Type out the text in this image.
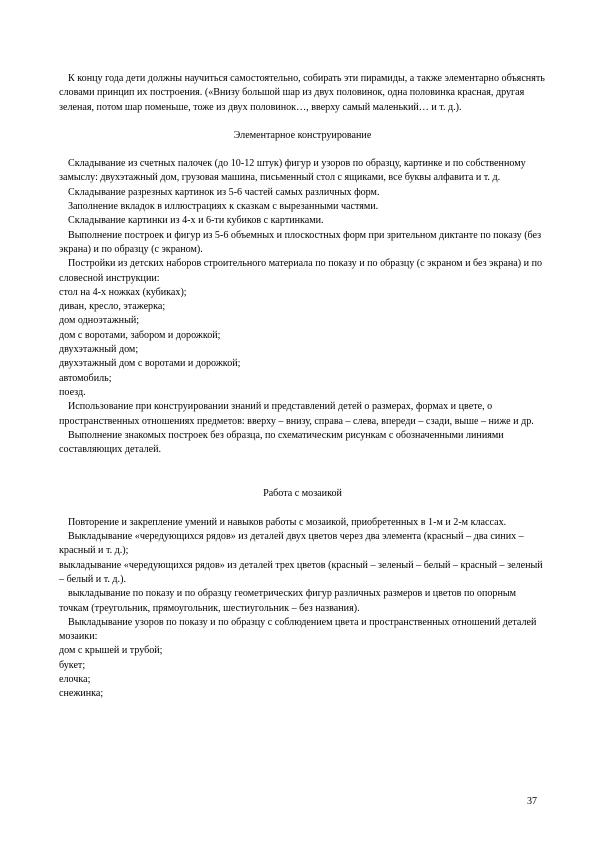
К концу года дети должны научиться самостоятельно, собирать эти пирамиды, а также элементарно объяснять словами принцип их построения. («Внизу большой шар из двух половинок, одна половинка красная, другая зеленая, потом шар поменьше, тоже из двух половинок…, вверху самый маленький… и т. д.).

Элементарное конструирование

Складывание из счетных палочек (до 10-12 штук) фигур и узоров по образцу, картинке и по собственному замыслу: двухэтажный дом, грузовая машина, письменный стол с ящиками, все буквы алфавита и т. д.

Складывание разрезных картинок из 5-6 частей самых различных форм.

Заполнение вкладок в иллюстрациях к сказкам с вырезанными частями.

Складывание картинки из 4-х и 6-ти кубиков с картинками.

Выполнение построек и фигур из 5-6 объемных и плоскостных форм при зрительном диктанте по показу (без экрана) и по образцу (с экраном).

Постройки из детских наборов строительного материала по показу и по образцу (с экраном и без экрана) и по словесной инструкции:

стол на 4-х ножках (кубиках);

диван, кресло, этажерка;

дом одноэтажный;

дом с воротами, забором и дорожкой;

двухэтажный дом;

двухэтажный дом с воротами и дорожкой;

автомобиль;

поезд.

Использование при конструировании знаний и представлений детей о размерах, формах и цвете, о пространственных отношениях предметов: вверху – внизу, справа – слева, впереди – сзади, выше – ниже и др.

Выполнение знакомых построек без образца, по схематическим рисункам с обозначенными линиями составляющих деталей.

Работа с мозаикой

Повторение и закрепление умений и навыков работы с мозаикой, приобретенных в 1-м и 2-м классах.

Выкладывание «чередующихся рядов» из деталей двух цветов через два элемента (красный – два синих – красный и т. д.);

выкладывание «чередующихся рядов» из деталей трех цветов (красный – зеленый – белый – красный – зеленый – белый и т. д.).

выкладывание по показу и по образцу геометрических фигур различных размеров и цветов по опорным точкам (треугольник, прямоугольник, шестиугольник – без названия).

Выкладывание узоров по показу и по образцу с соблюдением цвета и пространственных отношений деталей мозаики:

дом с крышей и трубой;

букет;

елочка;

снежинка;

37
